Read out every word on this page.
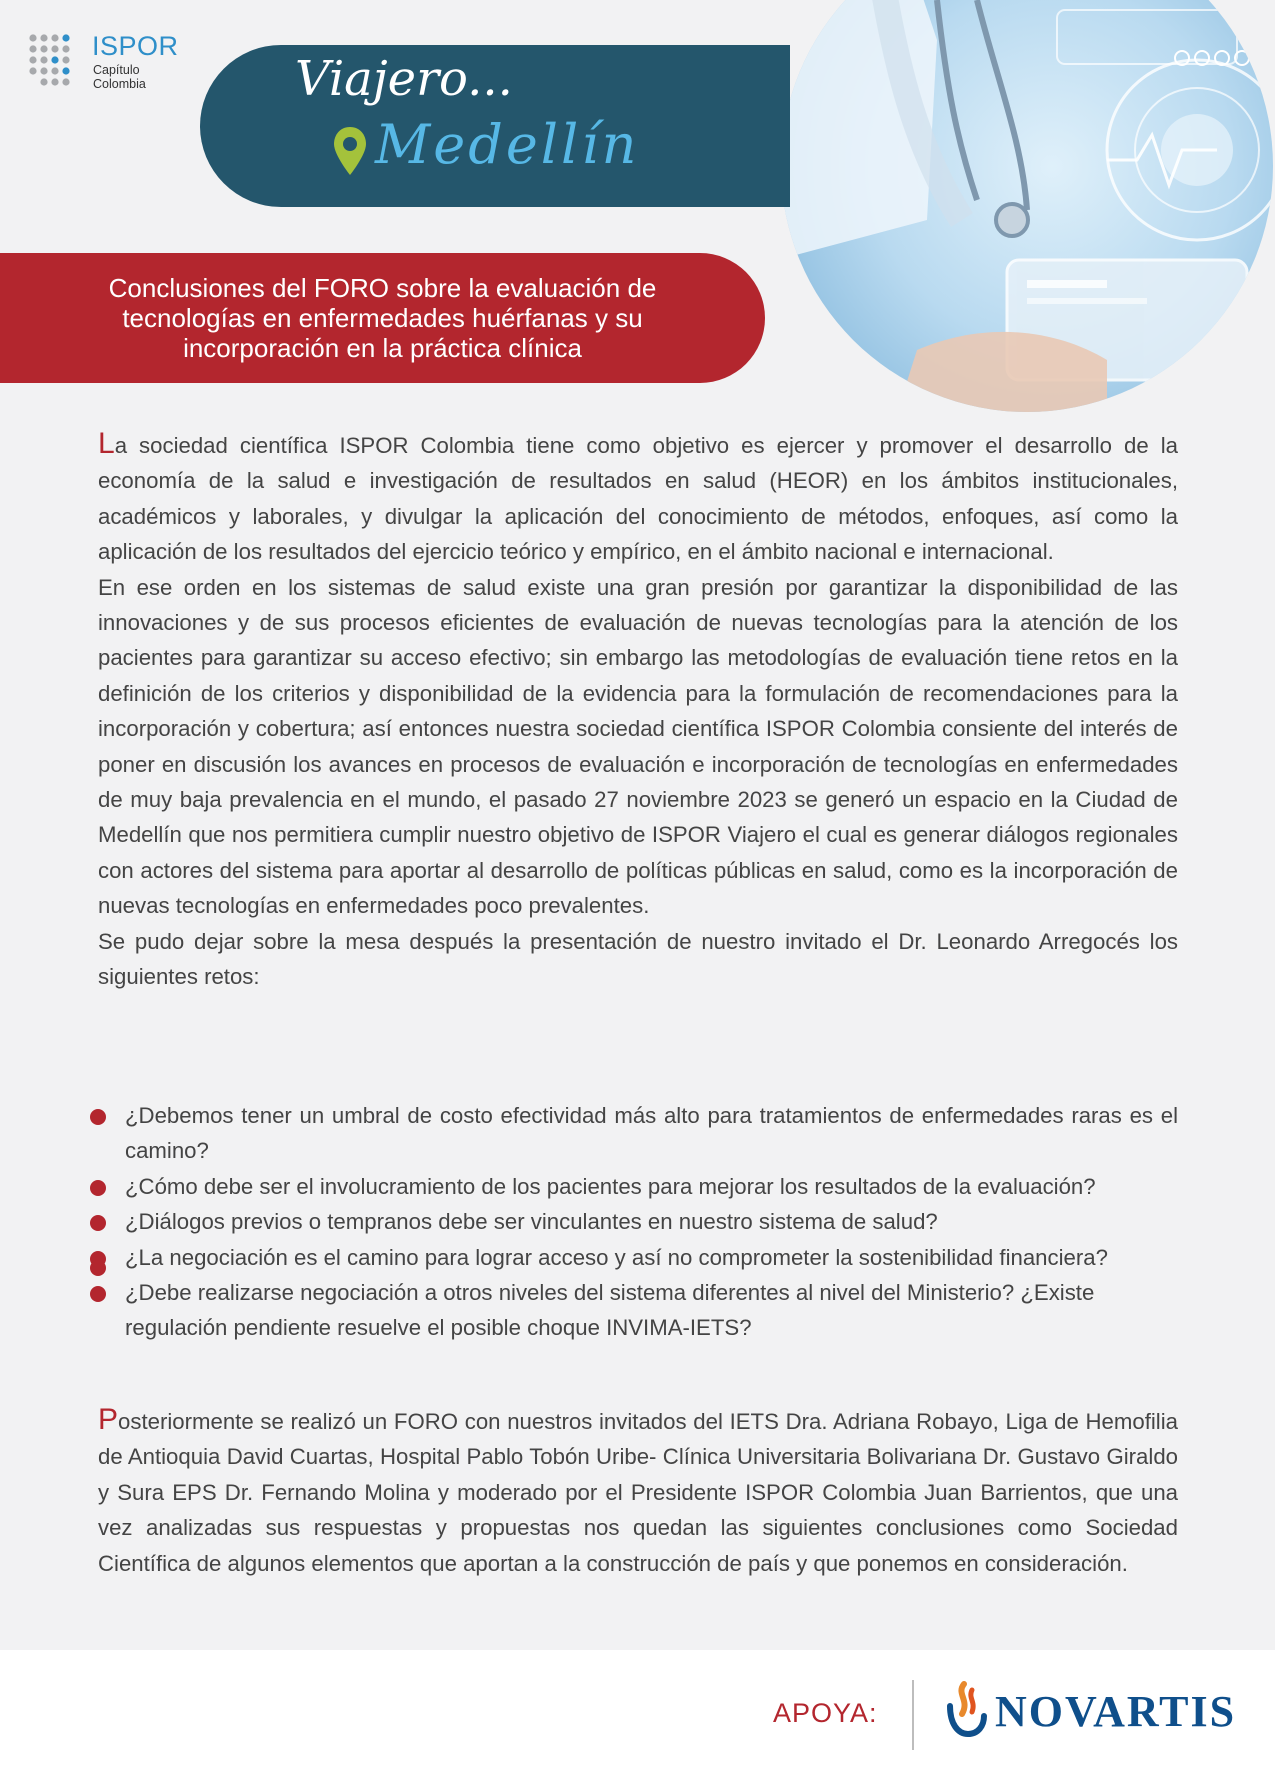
ISPOR
Capítulo
Colombia	Viajero...
Medellín
Conclusiones del FORO sobre la evaluación de tecnologías en enfermedades huérfanas y su incorporación en la práctica clínica

La sociedad científica ISPOR Colombia tiene como objetivo es ejercer y promover el desarrollo de la economía de la salud e investigación de resultados en salud (HEOR) en los ámbitos institucionales, académicos y laborales, y divulgar la aplicación del conocimiento de métodos, enfoques, así como la aplicación de los resultados del ejercicio teórico y empírico, en el ámbito nacional e internacional.

En ese orden en los sistemas de salud existe una gran presión por garantizar la disponibilidad de las innovaciones y de sus procesos eficientes de evaluación de nuevas tecnologías para la atención de los pacientes para garantizar su acceso efectivo; sin embargo las metodologías de evaluación tiene retos en la definición de los criterios y disponibilidad de la evidencia para la formulación de recomendaciones para la incorporación y cobertura; así entonces nuestra sociedad científica ISPOR Colombia consiente del interés de poner en discusión los avances en procesos de evaluación e incorporación de tecnologías en enfermedades de muy baja prevalencia en el mundo, el pasado 27 noviembre 2023 se generó un espacio en la Ciudad de Medellín que nos permitiera cumplir nuestro objetivo de ISPOR Viajero el cual es generar diálogos regionales con actores del sistema para aportar al desarrollo de políticas públicas en salud, como es la incorporación de nuevas tecnologías en enfermedades poco prevalentes.

Se pudo dejar sobre la mesa después la presentación de nuestro invitado el Dr. Leonardo Arregocés los siguientes retos:

¿Debemos tener un umbral de costo efectividad más alto para tratamientos de enfermedades raras es el camino?
¿Cómo debe ser el involucramiento de los pacientes para mejorar los resultados de la evaluación?
¿Diálogos previos o tempranos debe ser vinculantes en nuestro sistema de salud?
¿La negociación es el camino para lograr acceso y así no comprometer la sostenibilidad financiera?
¿Debe realizarse negociación a otros niveles del sistema diferentes al nivel del Ministerio? ¿Existe regulación pendiente resuelve el posible choque INVIMA-IETS?

Posteriormente se realizó un FORO con nuestros invitados del IETS Dra. Adriana Robayo, Liga de Hemofilia de Antioquia David Cuartas, Hospital Pablo Tobón Uribe- Clínica Universitaria Bolivariana Dr. Gustavo Giraldo y Sura EPS Dr. Fernando Molina y moderado por el Presidente ISPOR Colombia Juan Barrientos, que una vez analizadas sus respuestas y propuestas nos quedan las siguientes conclusiones como Sociedad Científica de algunos elementos que aportan a la construcción de país y que ponemos en consideración.

APOYA:	NOVARTIS
